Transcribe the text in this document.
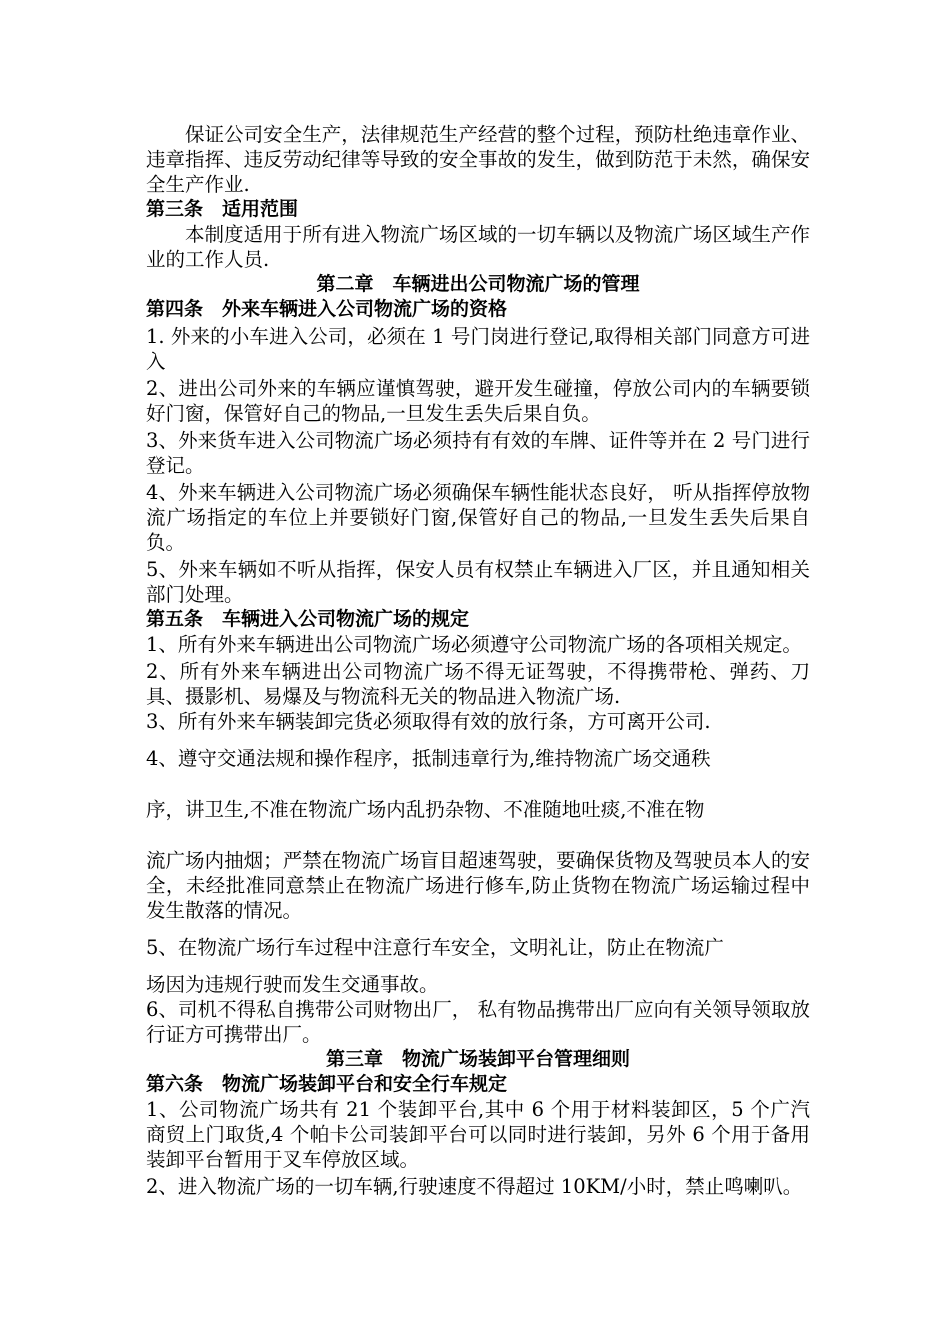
保证公司安全生产，法律规范生产经营的整个过程，预防杜绝违章作业、违章指挥、违反劳动纪律等导致的安全事故的发生，做到防范于未然，确保安全生产作业.

第三条　适用范围

本制度适用于所有进入物流广场区域的一切车辆以及物流广场区域生产作业的工作人员.

第二章　车辆进出公司物流广场的管理

第四条　外来车辆进入公司物流广场的资格

1. 外来的小车进入公司，必须在 1 号门岗进行登记,取得相关部门同意方可进入

2、进出公司外来的车辆应谨慎驾驶，避开发生碰撞，停放公司内的车辆要锁好门窗，保管好自己的物品,一旦发生丢失后果自负。

3、外来货车进入公司物流广场必须持有有效的车牌、证件等并在 2 号门进行登记。

4、外来车辆进入公司物流广场必须确保车辆性能状态良好， 听从指挥停放物流广场指定的车位上并要锁好门窗,保管好自己的物品,一旦发生丢失后果自负。

5、外来车辆如不听从指挥，保安人员有权禁止车辆进入厂区，并且通知相关部门处理。

第五条　车辆进入公司物流广场的规定

1、所有外来车辆进出公司物流广场必须遵守公司物流广场的各项相关规定。

2、所有外来车辆进出公司物流广场不得无证驾驶，不得携带枪、弹药、刀具、摄影机、易爆及与物流科无关的物品进入物流广场.

3、所有外来车辆装卸完货必须取得有效的放行条，方可离开公司.

4、遵守交通法规和操作程序，抵制违章行为,维持物流广场交通秩

序，讲卫生,不准在物流广场内乱扔杂物、不准随地吐痰,不准在物

流广场内抽烟；严禁在物流广场盲目超速驾驶，要确保货物及驾驶员本人的安全，未经批准同意禁止在物流广场进行修车,防止货物在物流广场运输过程中发生散落的情况。

5、在物流广场行车过程中注意行车安全，文明礼让，防止在物流广

场因为违规行驶而发生交通事故。

6、司机不得私自携带公司财物出厂， 私有物品携带出厂应向有关领导领取放行证方可携带出厂。

第三章　物流广场装卸平台管理细则

第六条　物流广场装卸平台和安全行车规定

1、公司物流广场共有 21 个装卸平台,其中 6 个用于材料装卸区，5 个广汽商贸上门取货,4 个帕卡公司装卸平台可以同时进行装卸，另外 6 个用于备用装卸平台暂用于叉车停放区域。

2、进入物流广场的一切车辆,行驶速度不得超过 10KM/小时，禁止鸣喇叭。
